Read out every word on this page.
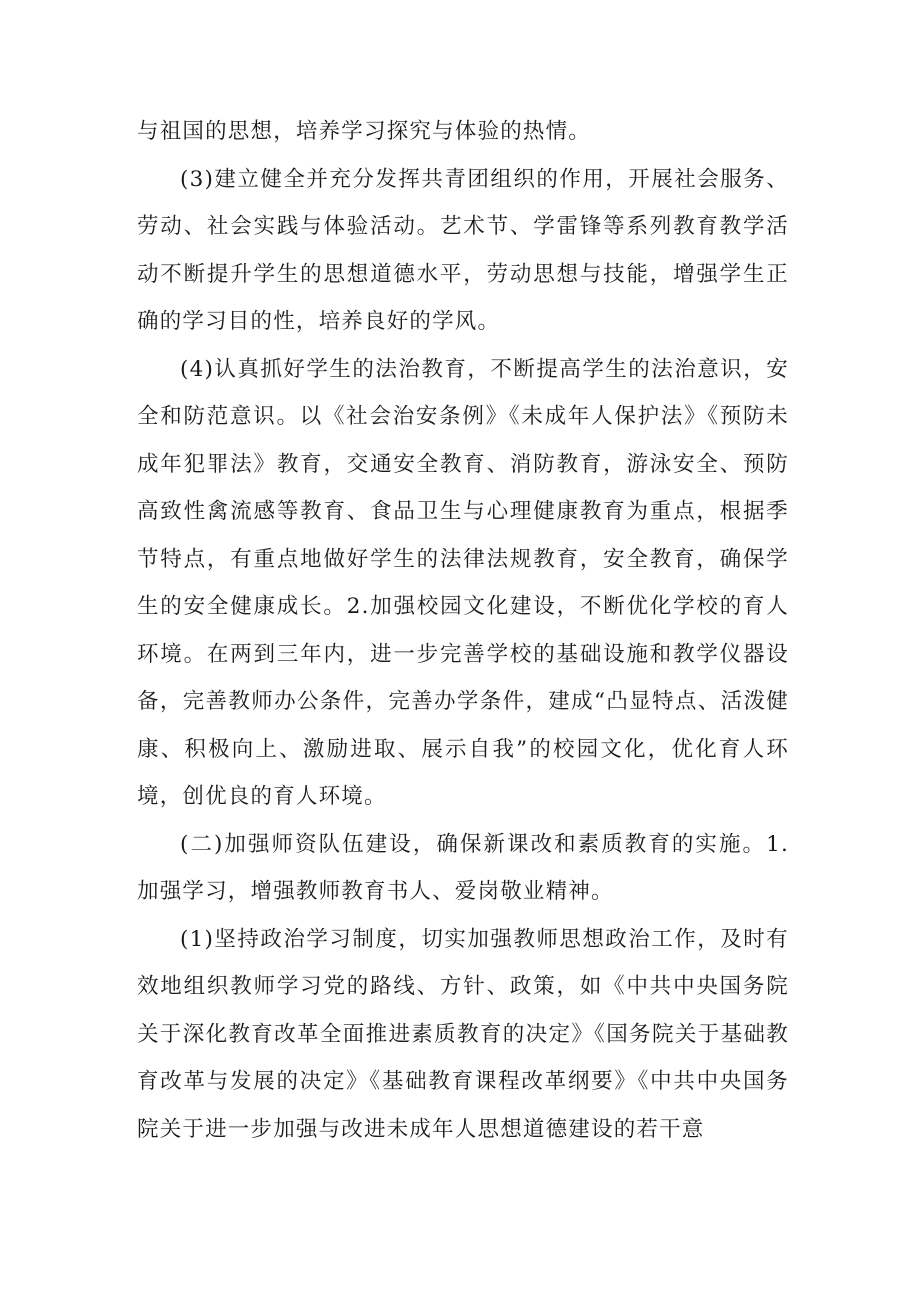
与祖国的思想，培养学习探究与体验的热情。

(3)建立健全并充分发挥共青团组织的作用，开展社会服务、劳动、社会实践与体验活动。艺术节、学雷锋等系列教育教学活动不断提升学生的思想道德水平，劳动思想与技能，增强学生正确的学习目的性，培养良好的学风。

(4)认真抓好学生的法治教育，不断提高学生的法治意识，安全和防范意识。以《社会治安条例》《未成年人保护法》《预防未成年犯罪法》教育，交通安全教育、消防教育，游泳安全、预防高致性禽流感等教育、食品卫生与心理健康教育为重点，根据季节特点，有重点地做好学生的法律法规教育，安全教育，确保学生的安全健康成长。2.加强校园文化建设，不断优化学校的育人环境。在两到三年内，进一步完善学校的基础设施和教学仪器设备，完善教师办公条件，完善办学条件，建成“凸显特点、活泼健康、积极向上、激励进取、展示自我”的校园文化，优化育人环境，创优良的育人环境。

(二)加强师资队伍建设，确保新课改和素质教育的实施。1.加强学习，增强教师教育书人、爱岗敬业精神。

(1)坚持政治学习制度，切实加强教师思想政治工作，及时有效地组织教师学习党的路线、方针、政策，如《中共中央国务院关于深化教育改革全面推进素质教育的决定》《国务院关于基础教育改革与发展的决定》《基础教育课程改革纲要》《中共中央国务院关于进一步加强与改进未成年人思想道德建设的若干意
